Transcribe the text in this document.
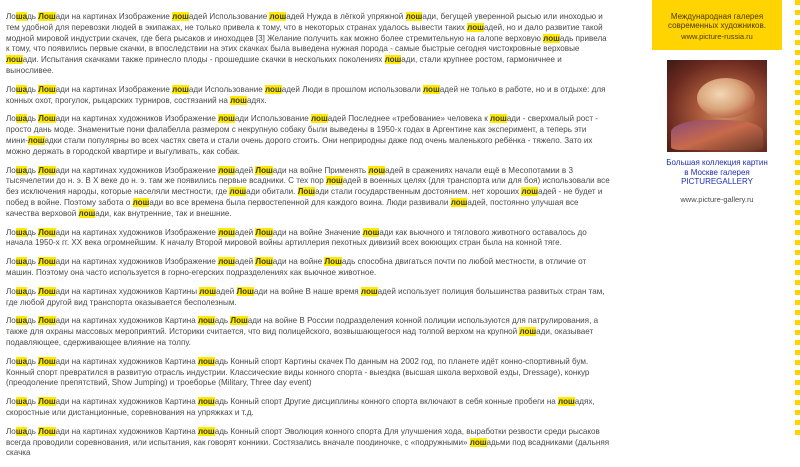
Лошадь Лошади на картинах Изображение лошадей Использование лошадей Нужда в лёгкой упряжной лошади, бегущей уверенной рысью или иноходью и тем удобной для перевозки людей в экипажах, не только привела к тому, что в некоторых странах удалось вывести таких лошадей, но и дало развитие такой модной мировой индустрии скачек, где бега рысаков и иноходцев [3] Желание получить как можно более стремительную на галопе верховую лошадь привела к тому, что появились первые скачки, в впоследствии на этих скачках была выведена нужная порода - самые быстрые сегодня чистокровные верховые лошади. Испытания скачками также принесло плоды - прошедшие скачки в нескольких поколениях лошади, стали крупнее ростом, гармоничнее и выносливее.
Лошадь Лошади на картинах Изображение лошади Использование лошадей Люди в прошлом использовали лошадей не только в работе, но и в отдыхе: для конных охот, прогулок, рыцарских турниров, состязаний на лошадях.
Лошадь Лошади на картинах художников Изображение лошади Использование лошадей Последнее «требование» человека к лошади - сверхмалый рост - просто дань моде. Знаменитые пони фалабелла размером с некрупную собаку были выведены в 1950-х годах в Аргентине как эксперимент, а теперь эти мини-лошадки стали популярны во всех частях света и стали очень дорого стоить. Они неприродны даже под очень маленького ребёнка - тяжело. Зато их можно держать в городской квартире и выгуливать, как собак.
Лошадь Лошади на картинах художников Изображение лошадей Лошади на войне Применять лошадей в сражениях начали ещё в Месопотамии в 3 тысячелетии до н. э. В X веке до н. э. там же появились первые всадники. С тех пор лошадей в военных целях (для транспорта или для боя) использовали все без исключения народы, которые населяли местности, где лошади обитали. Лошади стали государственным достоянием. нет хороших лошадей - не будет и побед в войне. Поэтому забота о лошади во все времена была первостепенной для каждого воина. Люди развивали лошадей, постоянно улучшая все качества верховой лошади, как внутренние, так и внешние.
Лошадь Лошади на картинах художников Изображение лошадей Лошади на войне Значение лошади как вьючного и тяглового животного оставалось до начала 1950-х гг. XX века огромнейшим. К началу Второй мировой войны артиллерия пехотных дивизий всех воюющих стран была на конной тяге.
Лошадь Лошади на картинах художников Изображение лошадей Лошади на войне Лошадь способна двигаться почти по любой местности, в отличие от машин. Поэтому она часто используется в горно-егерских подразделениях как вьючное животное.
Лошадь Лошади на картинах художников Картины лошадей Лошади на войне В наше время лошадей использует полиция большинства развитых стран там, где любой другой вид транспорта оказывается бесполезным.
Лошадь Лошади на картинах художников Картина лошадь Лошади на войне В России подразделения конной полиции используются для патрулирования, а также для охраны массовых мероприятий. Историки считается, что вид полицейского, возвышающегося над толпой верхом на крупной лошади, оказывает подавляющее, сдерживающее влияние на толпу.
Лошадь Лошади на картинах художников Картина лошадь Конный спорт Картины скачек По данным на 2002 год, по планете идёт конно-спортивный бум. Конный спорт превратился в развитую отрасль индустрии. Классические виды конного спорта - выездка (высшая школа верховой езды, Dressage), конкур (преодоление препятствий, Show Jumping) и троеборье (Military, Three day event)
Лошадь Лошади на картинах художников Картина лошадь Конный спорт Другие дисциплины конного спорта включают в себя конные пробеги на лошадях, скоростные или дистанционные, соревнования на упряжках и т.д.
Лошадь Лошади на картинах художников Картина лошадь Конный спорт Эволюция конного спорта Для улучшения хода, выработки резвости среди рысаков всегда проводили соревнования, или испытания, как говорят конники. Состязались вначале поодиночке, с «подружными» лошадьми под всадниками (дальняя скачка
Международная галерея
современных художников.
www.picture-russia.ru
Большая коллекция картин
в Москве галерея
PICTUREGALLERY
www.picture-gallery.ru
